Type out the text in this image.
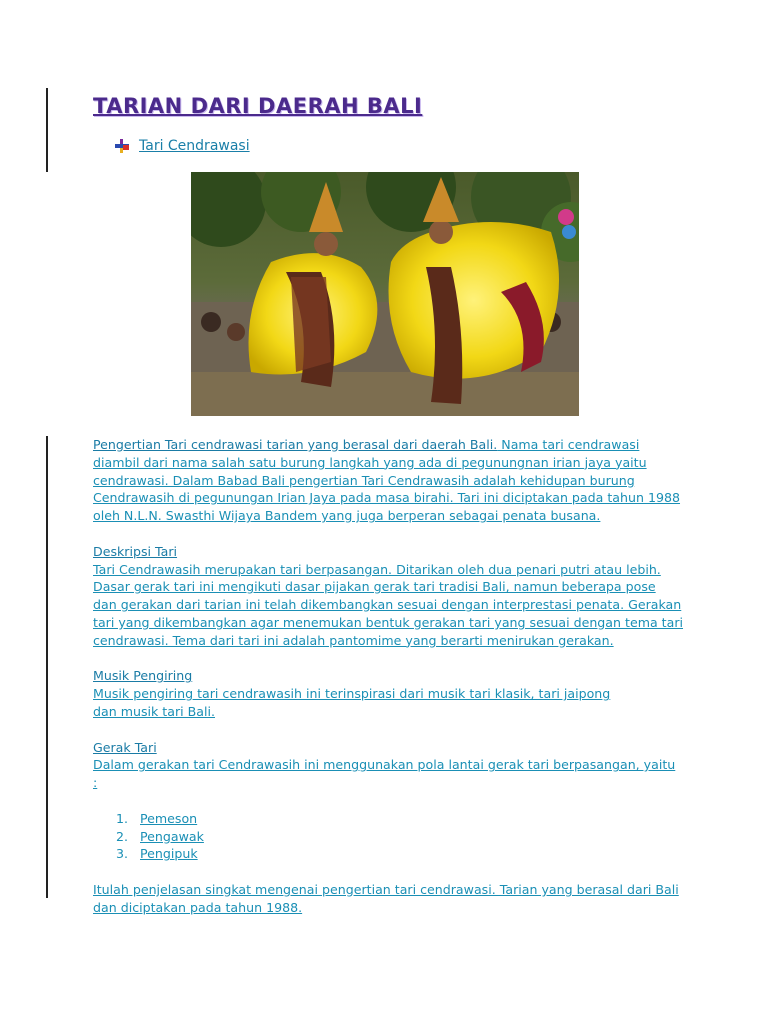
TARIAN DARI DAERAH BALI
Tari Cendrawasi

Pengertian Tari cendrawasi tarian yang berasal dari daerah Bali. Nama tari cendrawasi diambil dari nama salah satu burung langkah yang ada di pegunungnan irian jaya yaitu cendrawasi. Dalam Babad Bali pengertian Tari Cendrawasih adalah kehidupan burung Cendrawasih di pegunungan Irian Jaya pada masa birahi. Tari ini diciptakan pada tahun 1988 oleh N.L.N. Swasthi Wijaya Bandem yang juga berperan sebagai penata busana.

Deskripsi Tari

Tari Cendrawasih merupakan tari berpasangan. Ditarikan oleh dua penari putri atau lebih. Dasar gerak tari ini mengikuti dasar pijakan gerak tari tradisi Bali, namun beberapa pose dan gerakan dari tarian ini telah dikembangkan sesuai dengan interprestasi penata. Gerakan tari yang dikembangkan agar menemukan bentuk gerakan tari yang sesuai dengan tema tari cendrawasi. Tema dari tari ini adalah pantomime yang berarti menirukan gerakan.

Musik Pengiring

Musik pengiring tari cendrawasih ini terinspirasi dari musik tari klasik, tari jaipong

dan musik tari Bali.

Gerak Tari

Dalam gerakan tari Cendrawasih ini menggunakan pola lantai gerak tari berpasangan, yaitu :

1. Pemeson
2. Pengawak
3. Pengipuk

Itulah penjelasan singkat mengenai pengertian tari cendrawasi. Tarian yang berasal dari Bali dan diciptakan pada tahun 1988.
